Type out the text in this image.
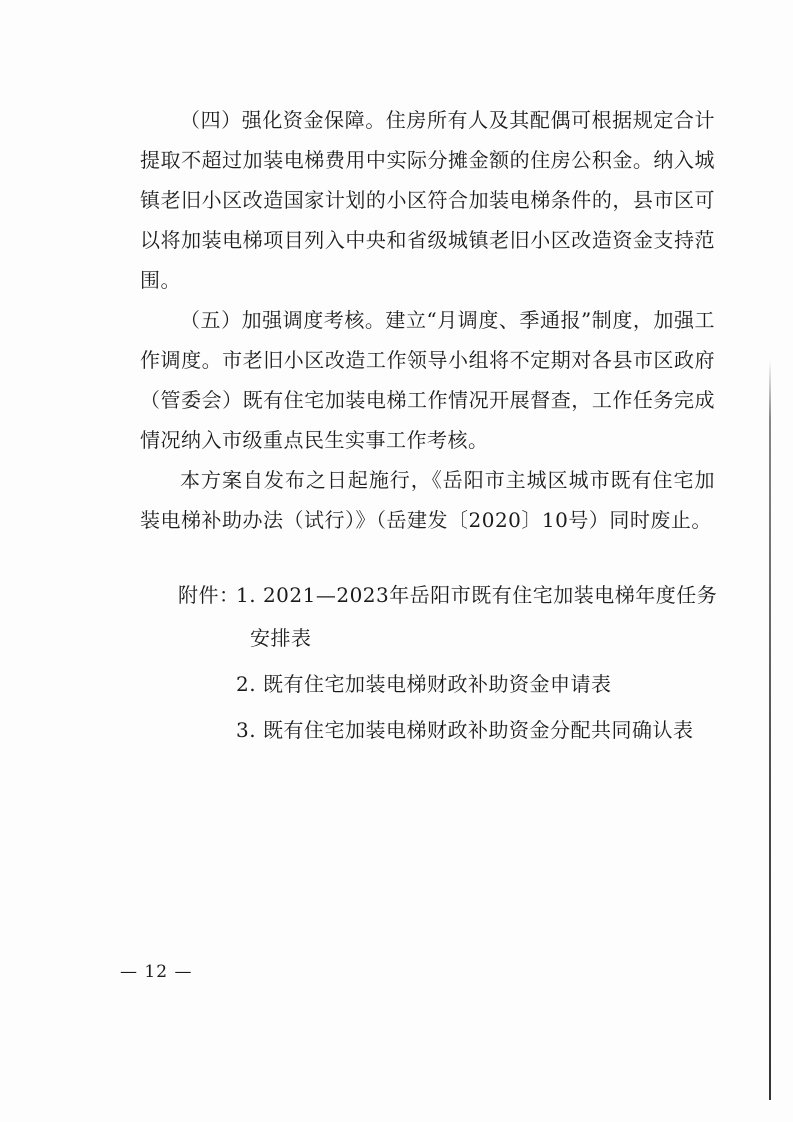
（四）强化资金保障。住房所有人及其配偶可根据规定合计提取不超过加装电梯费用中实际分摊金额的住房公积金。纳入城镇老旧小区改造国家计划的小区符合加装电梯条件的，县市区可以将加装电梯项目列入中央和省级城镇老旧小区改造资金支持范围。

（五）加强调度考核。建立“月调度、季通报”制度，加强工作调度。市老旧小区改造工作领导小组将不定期对各县市区政府（管委会）既有住宅加装电梯工作情况开展督查，工作任务完成情况纳入市级重点民生实事工作考核。

本方案自发布之日起施行，《岳阳市主城区城市既有住宅加装电梯补助办法（试行）》（岳建发〔2020〕10号）同时废止。

附件：

1. 2021—2023年岳阳市既有住宅加装电梯年度任务

安排表

2. 既有住宅加装电梯财政补助资金申请表

3. 既有住宅加装电梯财政补助资金分配共同确认表

— 12 —
